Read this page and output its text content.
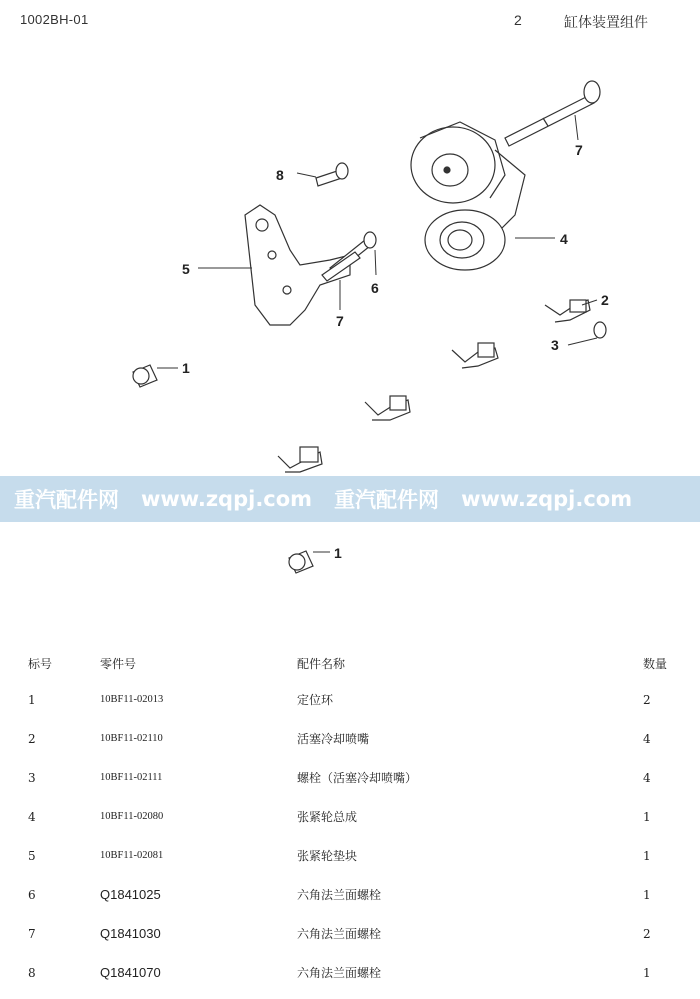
1002BH-01	2	缸体装置组件
7
8
5
4
6
7
2
3
1
1
重汽配件网 www.zqpj.com 重汽配件网 www.zqpj.com
标号	零件号	配件名称	数量
1	10BF11-02013	定位环	2
2	10BF11-02110	活塞冷却喷嘴	4
3	10BF11-02111	螺栓（活塞冷却喷嘴）	4
4	10BF11-02080	张紧轮总成	1
5	10BF11-02081	张紧轮垫块	1
6	Q1841025	六角法兰面螺栓	1
7	Q1841030	六角法兰面螺栓	2
8	Q1841070	六角法兰面螺栓	1
